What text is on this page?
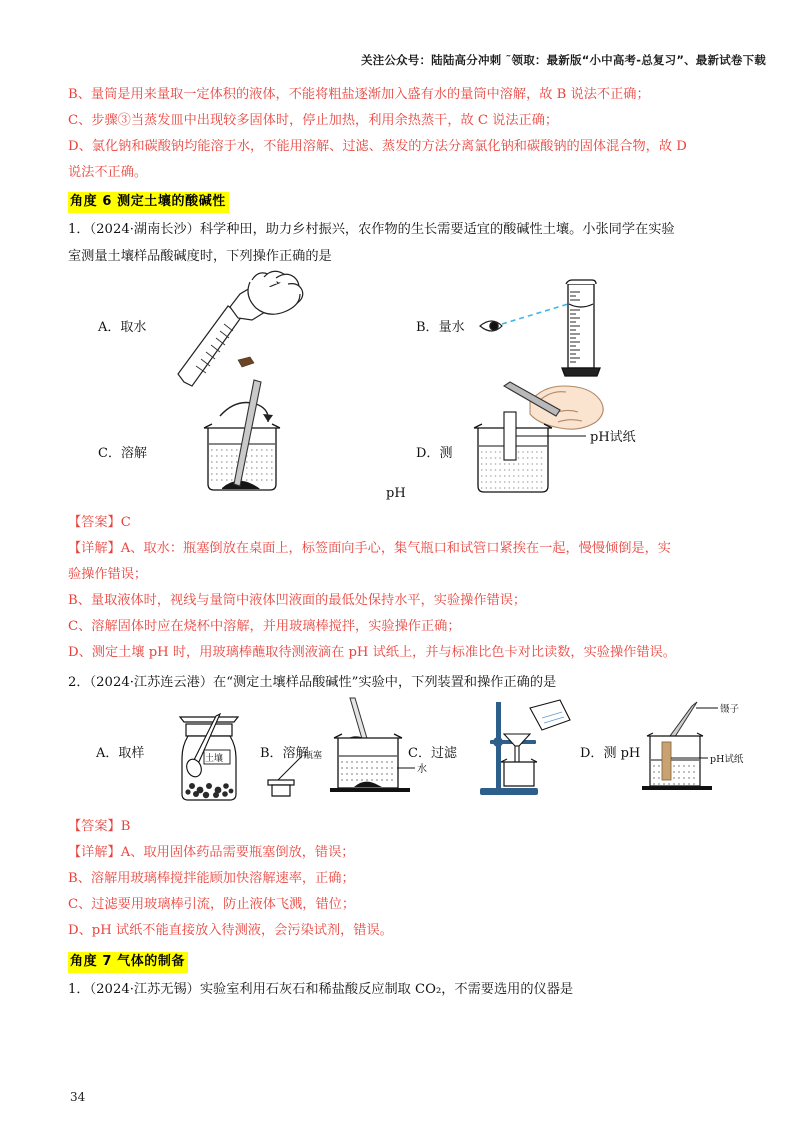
关注公众号：陆陆高分冲刺 ˜领取：最新版“小中高考-总复习”、最新试卷下载
B、量筒是用来量取一定体积的液体，不能将粗盐逐渐加入盛有水的量筒中溶解，故 B 说法不正确；
C、步骤③当蒸发皿中出现较多固体时，停止加热，利用余热蒸干，故 C 说法正确；
D、氯化钠和碳酸钠均能溶于水，不能用溶解、过滤、蒸发的方法分离氯化钠和碳酸钠的固体混合物，故 D
说法不正确。
角度 6 测定土壤的酸碱性
1．（2024·湖南长沙）科学种田，助力乡村振兴，农作物的生长需要适宜的酸碱性土壤。小张同学在实验
室测量土壤样品酸碱度时，下列操作正确的是
A．取水	B．量水
C．溶解	D．测
pH
pH试纸
【答案】C
【详解】A、取水：瓶塞倒放在桌面上，标签面向手心，集气瓶口和试管口紧挨在一起，慢慢倾倒是，实
验操作错误；
B、量取液体时，视线与量筒中液体凹液面的最低处保持水平，实验操作错误；
C、溶解固体时应在烧杯中溶解，并用玻璃棒搅拌，实验操作正确；
D、测定土壤 pH 时，用玻璃棒蘸取待测液滴在 pH 试纸上，并与标准比色卡对比读数，实验操作错误。
2．（2024·江苏连云港）在“测定土壤样品酸碱性”实验中，下列装置和操作正确的是
A．取样	土壤	瓶塞
B．溶解
水
C．过滤	D．测 pH
镊子
pH试纸
【答案】B
【详解】A、取用固体药品需要瓶塞倒放，错误；
B、溶解用玻璃棒搅拌能顾加快溶解速率，正确；
C、过滤要用玻璃棒引流，防止液体飞溅，错位；
D、pH 试纸不能直接放入待测液，会污染试剂，错误。
角度 7 气体的制备
1．（2024·江苏无锡）实验室利用石灰石和稀盐酸反应制取 CO₂，不需要选用的仪器是
34
